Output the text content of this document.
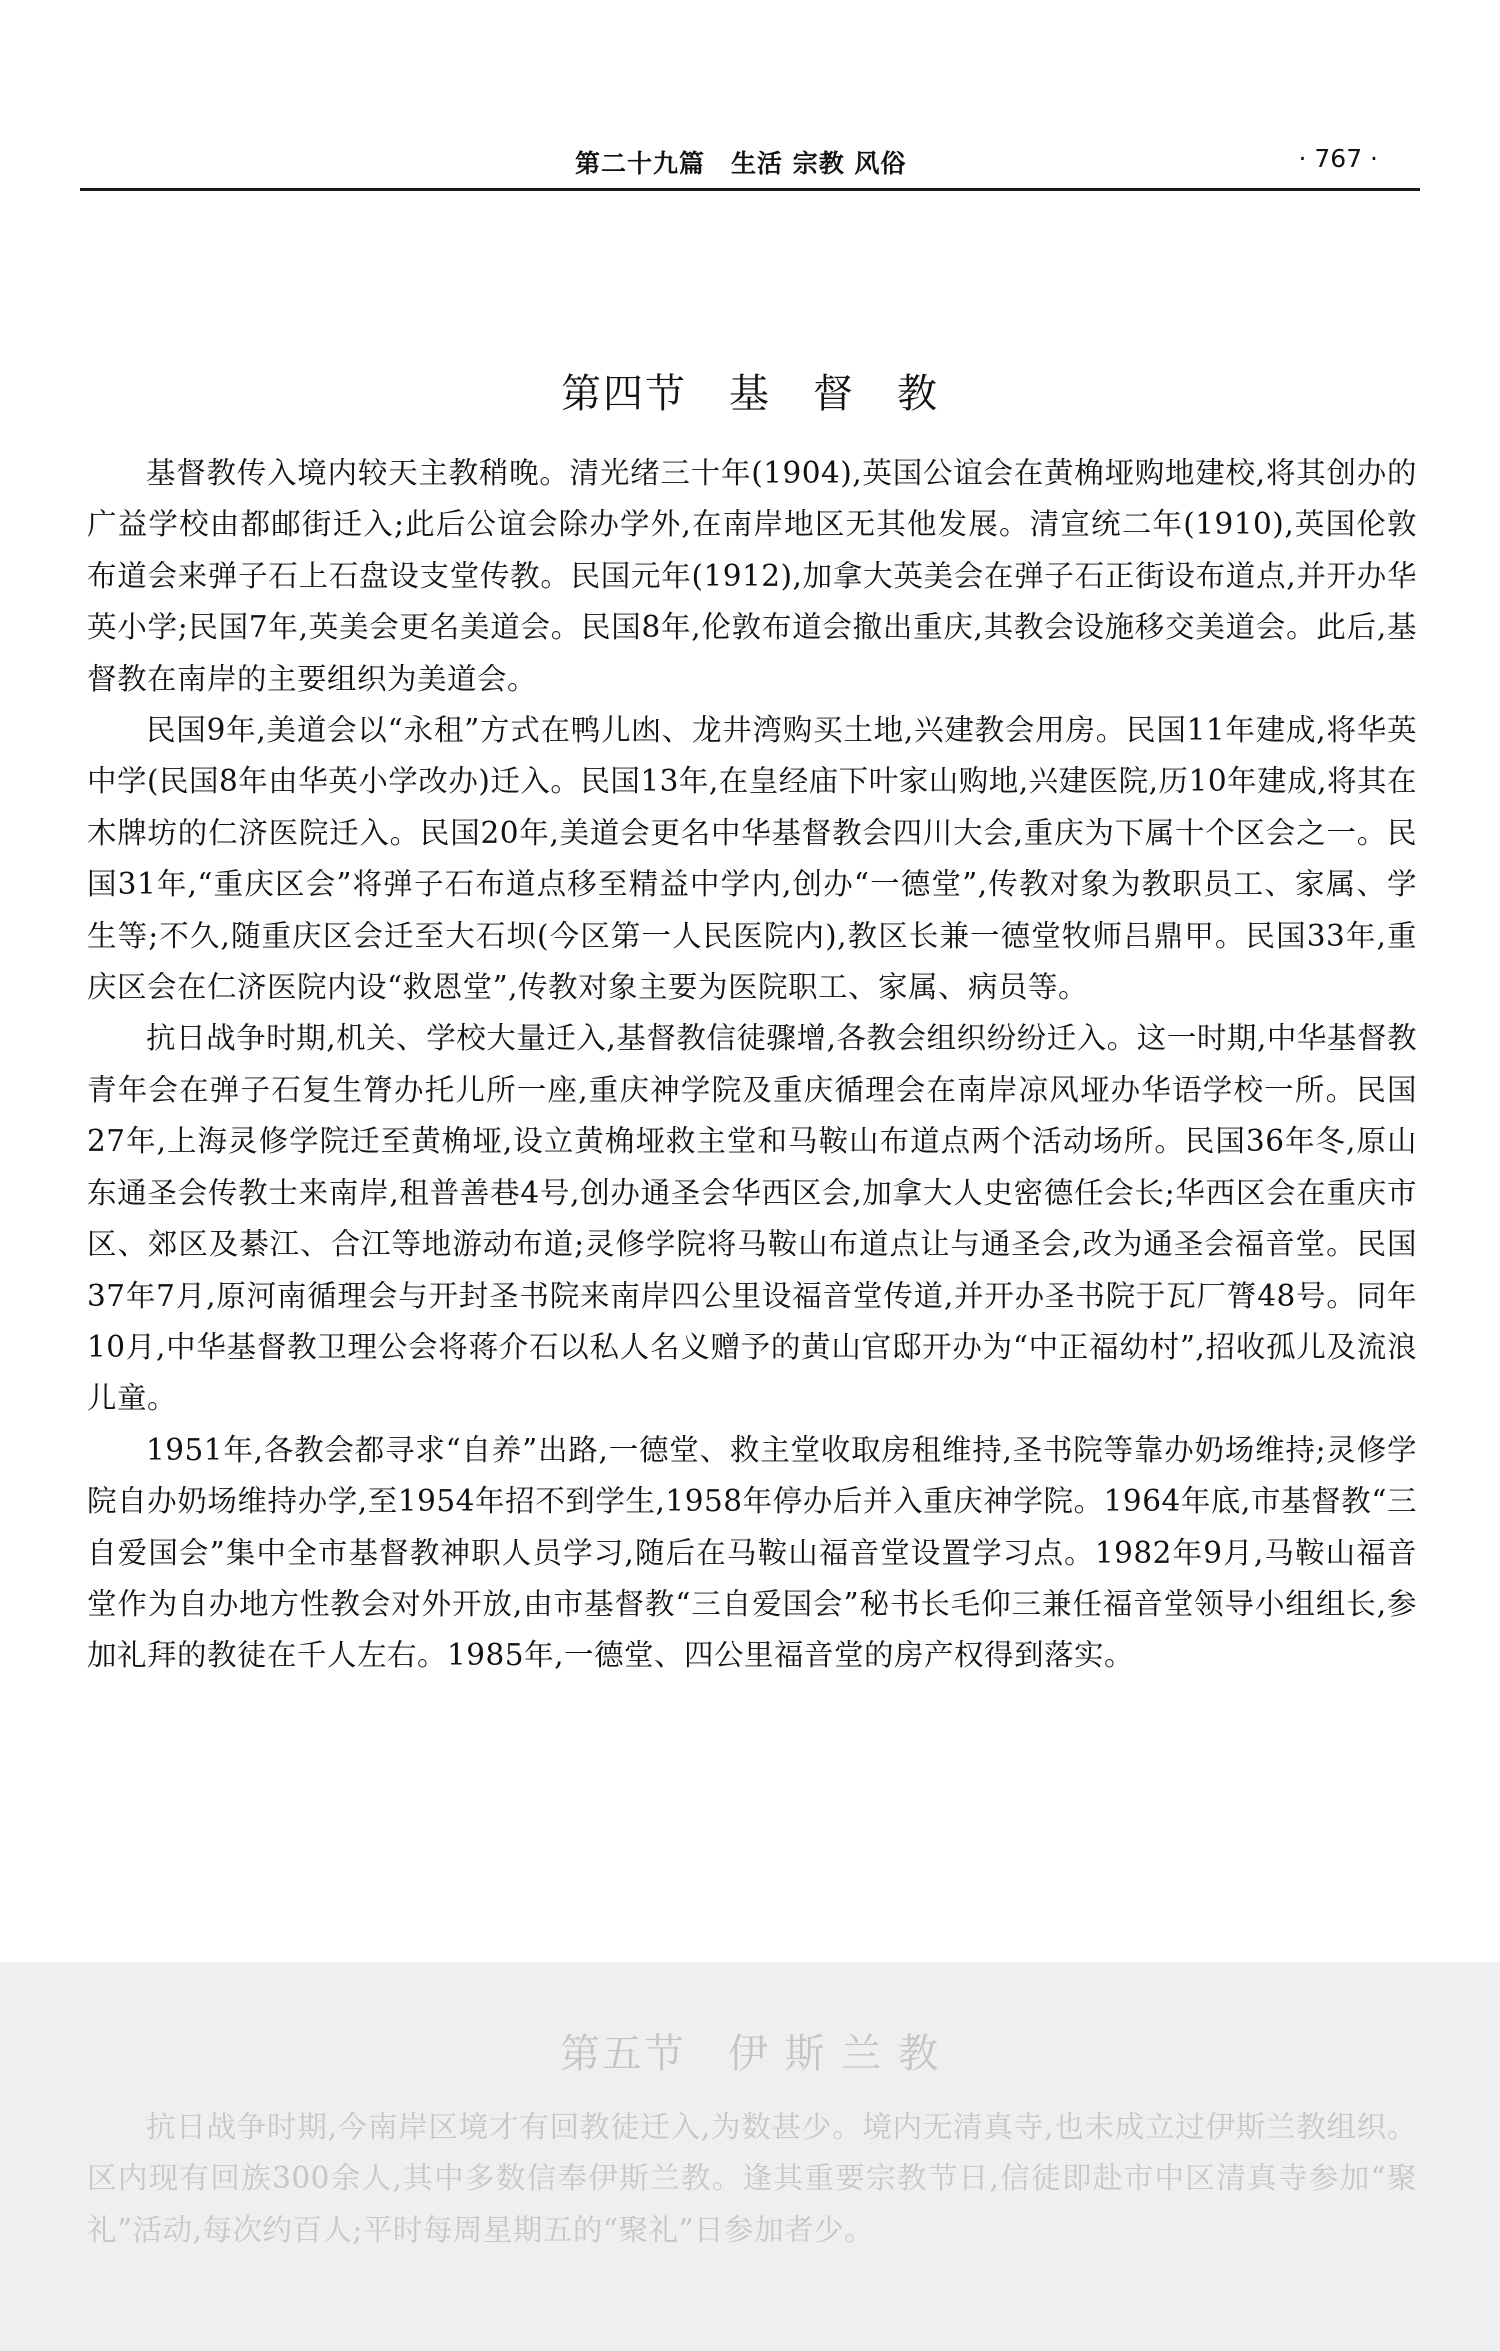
第二十九篇　生活 宗教 风俗	· 767 ·
第四节　基　督　教

基督教传入境内较天主教稍晚。清光绪三十年(1904),英国公谊会在黄桷垭购地建校,将其创办的广益学校由都邮街迁入;此后公谊会除办学外,在南岸地区无其他发展。清宣统二年(1910),英国伦敦布道会来弹子石上石盘设支堂传教。民国元年(1912),加拿大英美会在弹子石正街设布道点,并开办华英小学;民国7年,英美会更名美道会。民国8年,伦敦布道会撤出重庆,其教会设施移交美道会。此后,基督教在南岸的主要组织为美道会。

民国9年,美道会以“永租”方式在鸭儿凼、龙井湾购买土地,兴建教会用房。民国11年建成,将华英中学(民国8年由华英小学改办)迁入。民国13年,在皇经庙下叶家山购地,兴建医院,历10年建成,将其在木牌坊的仁济医院迁入。民国20年,美道会更名中华基督教会四川大会,重庆为下属十个区会之一。民国31年,“重庆区会”将弹子石布道点移至精益中学内,创办“一德堂”,传教对象为教职员工、家属、学生等;不久,随重庆区会迁至大石坝(今区第一人民医院内),教区长兼一德堂牧师吕鼎甲。民国33年,重庆区会在仁济医院内设“救恩堂”,传教对象主要为医院职工、家属、病员等。

抗日战争时期,机关、学校大量迁入,基督教信徒骤增,各教会组织纷纷迁入。这一时期,中华基督教青年会在弹子石复生膂办托儿所一座,重庆神学院及重庆循理会在南岸凉风垭办华语学校一所。民国27年,上海灵修学院迁至黄桷垭,设立黄桷垭救主堂和马鞍山布道点两个活动场所。民国36年冬,原山东通圣会传教士来南岸,租普善巷4号,创办通圣会华西区会,加拿大人史密德任会长;华西区会在重庆市区、郊区及綦江、合江等地游动布道;灵修学院将马鞍山布道点让与通圣会,改为通圣会福音堂。民国37年7月,原河南循理会与开封圣书院来南岸四公里设福音堂传道,并开办圣书院于瓦厂膂48号。同年10月,中华基督教卫理公会将蒋介石以私人名义赠予的黄山官邸开办为“中正福幼村”,招收孤儿及流浪儿童。

1951年,各教会都寻求“自养”出路,一德堂、救主堂收取房租维持,圣书院等靠办奶场维持;灵修学院自办奶场维持办学,至1954年招不到学生,1958年停办后并入重庆神学院。1964年底,市基督教“三自爱国会”集中全市基督教神职人员学习,随后在马鞍山福音堂设置学习点。1982年9月,马鞍山福音堂作为自办地方性教会对外开放,由市基督教“三自爱国会”秘书长毛仰三兼任福音堂领导小组组长,参加礼拜的教徒在千人左右。1985年,一德堂、四公里福音堂的房产权得到落实。

第五节　伊 斯 兰 教

抗日战争时期,今南岸区境才有回教徒迁入,为数甚少。境内无清真寺,也未成立过伊斯兰教组织。区内现有回族300余人,其中多数信奉伊斯兰教。逢其重要宗教节日,信徒即赴市中区清真寺参加“聚礼”活动,每次约百人;平时每周星期五的“聚礼”日参加者少。
